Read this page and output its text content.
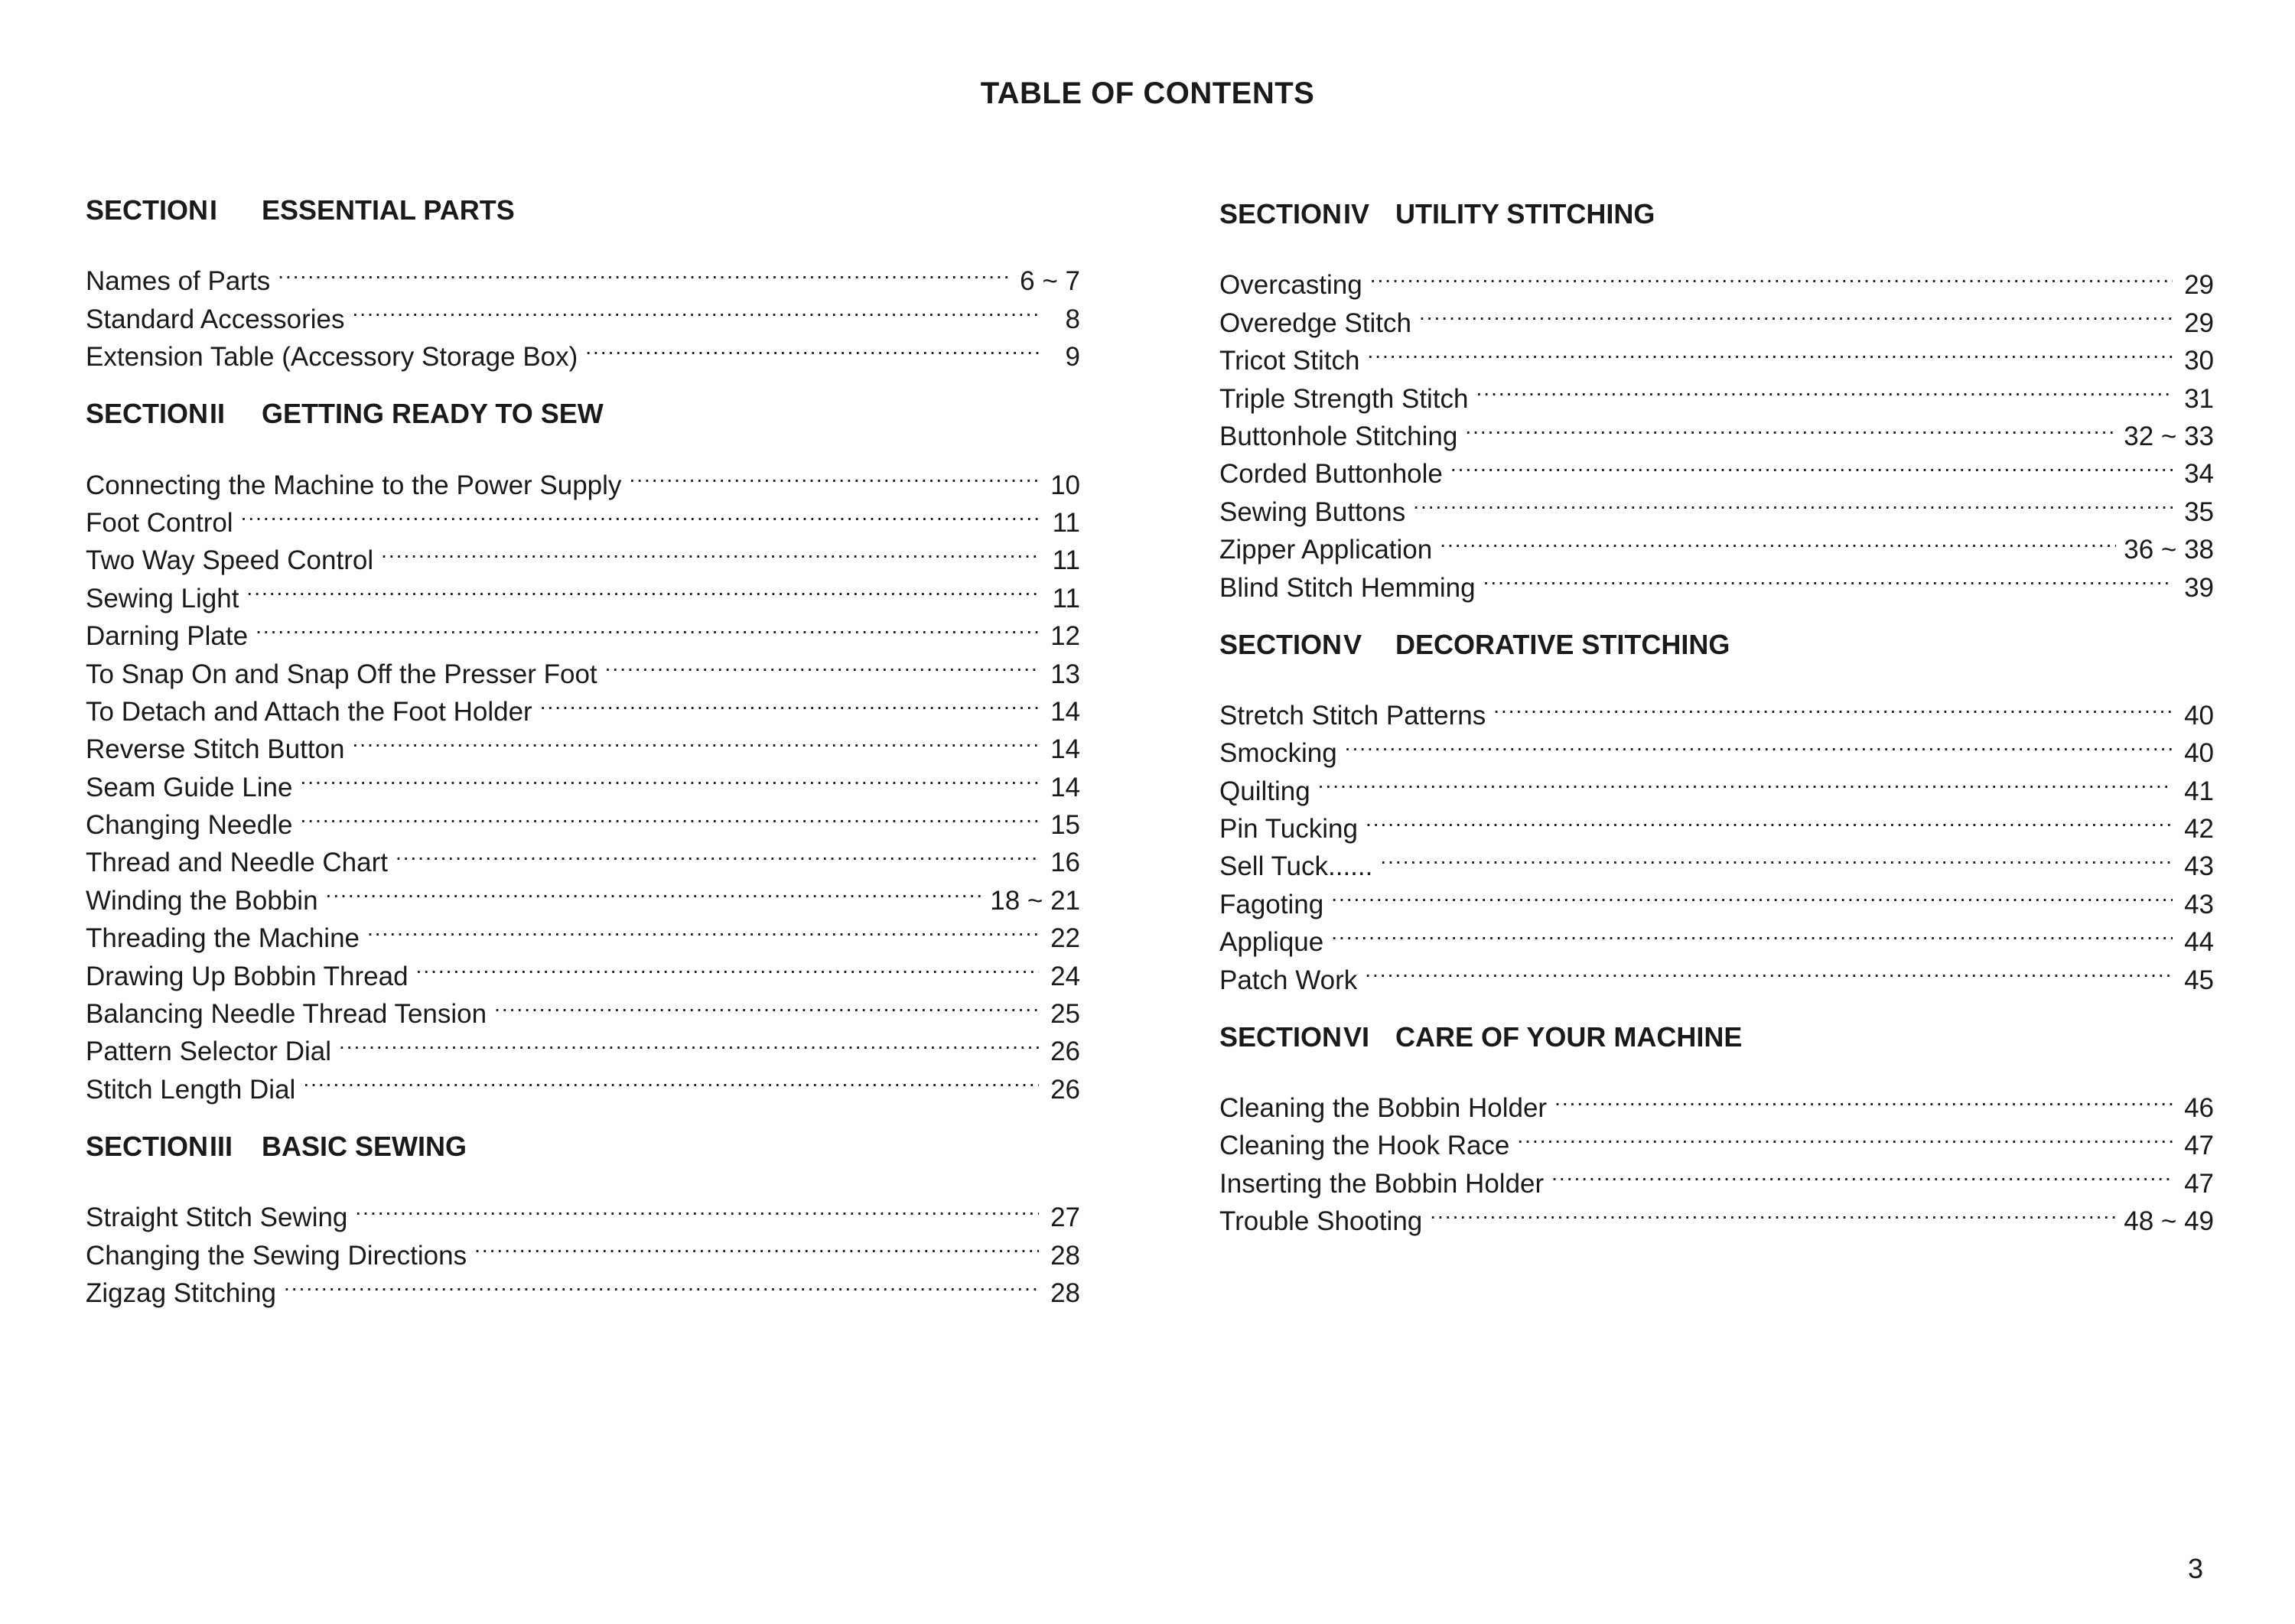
TABLE OF CONTENTS
SECTION I	ESSENTIAL PARTS
Names of Parts .....	6 ~ 7
Standard Accessories .....	8
Extension Table (Accessory Storage Box) .....	9
SECTION II	GETTING READY TO SEW
Connecting the Machine to the Power Supply .....	10
Foot Control .....	11
Two Way Speed Control .....	11
Sewing Light .....	11
Darning Plate .....	12
To Snap On and Snap Off the Presser Foot .....	13
To Detach and Attach the Foot Holder .....	14
Reverse Stitch Button .....	14
Seam Guide Line .....	14
Changing Needle .....	15
Thread and Needle Chart .....	16
Winding the Bobbin .....	18 ~ 21
Threading the Machine .....	22
Drawing Up Bobbin Thread .....	24
Balancing Needle Thread Tension .....	25
Pattern Selector Dial .....	26
Stitch Length Dial .....	26
SECTION III	BASIC SEWING
Straight Stitch Sewing .....	27
Changing the Sewing Directions .....	28
Zigzag Stitching .....	28
SECTION IV UTILITY STITCHING
Overcasting .....	29
Overedge Stitch .....	29
Tricot Stitch .....	30
Triple Strength Stitch .....	31
Buttonhole Stitching .....	32 ~ 33
Corded Buttonhole .....	34
Sewing Buttons .....	35
Zipper Application .....	36 ~ 38
Blind Stitch Hemming .....	39
SECTION V	DECORATIVE STITCHING
Stretch Stitch Patterns .....	40
Smocking .....	40
Quilting .....	41
Pin Tucking .....	42
Sell Tuck...... .....	43
Fagoting .....	43
Applique .....	44
Patch Work .....	45
SECTION VI CARE OF YOUR MACHINE
Cleaning the Bobbin Holder .....	46
Cleaning the Hook Race .....	47
Inserting the Bobbin Holder .....	47
Trouble Shooting .....	48 ~ 49
3
